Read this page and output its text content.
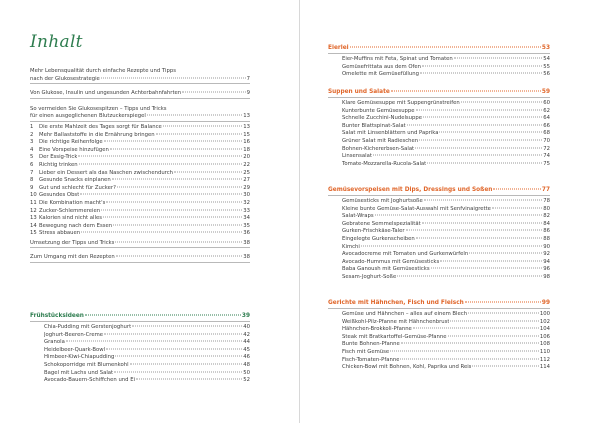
Inhalt
Mehr Lebensqualität durch einfache Rezepte und Tipps
nach der Glukosestrategie	7
Von Glukose, Insulin und ungesunden Achterbahnfahrten	9
So vermeiden Sie Glukosespitzen – Tipps und Tricks
für einen ausgeglichenen Blutzuckerspiegel	13
1 Die erste Mahlzeit des Tages sorgt für Balance	13
2 Mehr Ballaststoffe in die Ernährung bringen	15
3 Die richtige Reihenfolge	16
4 Eine Vorspeise hinzufügen	18
5 Der Essig-Trick	20
6 Richtig trinken	22
7 Lieber ein Dessert als das Naschen zwischendurch	25
8 Gesunde Snacks einplanen	27
9 Gut und schlecht für Zucker?	29
10 Gesundes Obst	30
11 Die Kombination macht's	32
12 Zucker-Schlemmereien	33
13 Kalorien sind nicht alles	34
14 Bewegung nach dem Essen	35
15 Stress abbauen	36
Umsetzung der Tipps und Tricks	38
Zum Umgang mit den Rezepten	38
Frühstücksideen	39
Chia-Pudding mit Gerstenjoghurt	40
Joghurt-Beeren-Creme	42
Granola	44
Heidelbeer-Quark-Bowl	45
Himbeer-Kiwi-Chiapudding	46
Schokoporridge mit Blumenkohl	48
Bagel mit Lachs und Salat	50
Avocado-Bauern-Schiffchen und Ei	52
Eierlei	53
Eier-Muffins mit Feta, Spinat und Tomaten	54
Gemüsefrittata aus dem Ofen	55
Omelette mit Gemüsefüllung	56
Suppen und Salate	59
Klare Gemüsesuppe mit Suppengrünstreifen	60
Kunterbunte Gemüsesuppe	62
Schnelle Zucchini-Nudelsuppe	64
Bunter Blattspinat-Salat	66
Salat mit Linsenblättern und Paprika	68
Grüner Salat mit Radieschen	70
Bohnen-Kichererbsen-Salat	72
Linsensalat	74
Tomate-Mozzarella-Rucola-Salat	75
Gemüsevorspeisen mit Dips, Dressings und Soßen	77
Gemüsesticks mit Joghurtsoße	78
Kleine bunte Gemüse-Salat-Auswahl mit Senfvinaigrette	80
Salat-Wraps	82
Gebratene Semmelspezialität	84
Gurken-Frischkäse-Taler	86
Eingelegte Gurkenscheiben	88
Kimchi	90
Avocadocreme mit Tomaten und Gurkenwürfeln	92
Avocado-Hummus mit Gemüsesticks	94
Baba Ganoush mit Gemüsesticks	96
Sesam-Joghurt-Soße	98
Gerichte mit Hähnchen, Fisch und Fleisch	99
Gemüse und Hähnchen – alles auf einem Blech	100
Weißkohl-Pilz-Pfanne mit Hähnchenbrust	102
Hähnchen-Brokkoli-Pfanne	104
Steak mit Bratkartoffel-Gemüse-Pfanne	106
Bunte Bohnen-Pfanne	108
Fisch mit Gemüse	110
Fisch-Tomaten-Pfanne	112
Chicken-Bowl mit Bohnen, Kohl, Paprika und Reis	114
